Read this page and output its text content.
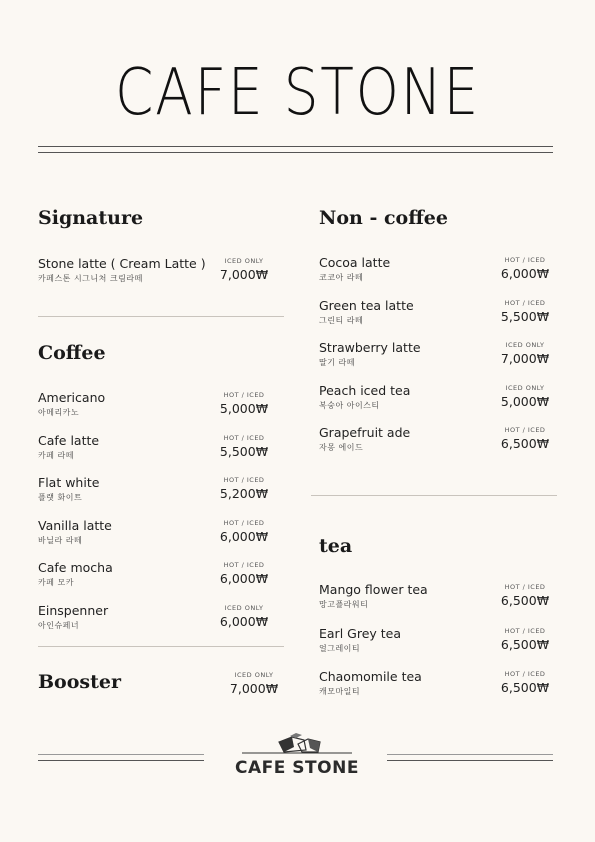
CAFE STONE
Signature
Stone latte ( Cream Latte )
카페스톤 시그니처 크림라떼
ICED ONLY
7,000₩
Coffee
Americano
아메리카노
HOT / ICED
5,000₩
Cafe latte
카페 라떼
HOT / ICED
5,500₩
Flat white
플랫 화이트
HOT / ICED
5,200₩
Vanilla latte
바닐라 라떼
HOT / ICED
6,000₩
Cafe mocha
카페 모카
HOT / ICED
6,000₩
Einspenner
아인슈페너
ICED ONLY
6,000₩
Booster	ICED ONLY
7,000₩
Non - coffee
Cocoa latte
코코아 라떼
HOT / ICED
6,000₩
Green tea latte
그린티 라떼
HOT / ICED
5,500₩
Strawberry latte
딸기 라떼
ICED ONLY
7,000₩
Peach iced tea
복숭아 아이스티
ICED ONLY
5,000₩
Grapefruit ade
자몽 에이드
HOT / ICED
6,500₩
tea
Mango flower tea
망고플라워티
HOT / ICED
6,500₩
Earl Grey tea
얼그레이티
HOT / ICED
6,500₩
Chaomomile tea
캐모마일티
HOT / ICED
6,500₩
CAFE STONE
